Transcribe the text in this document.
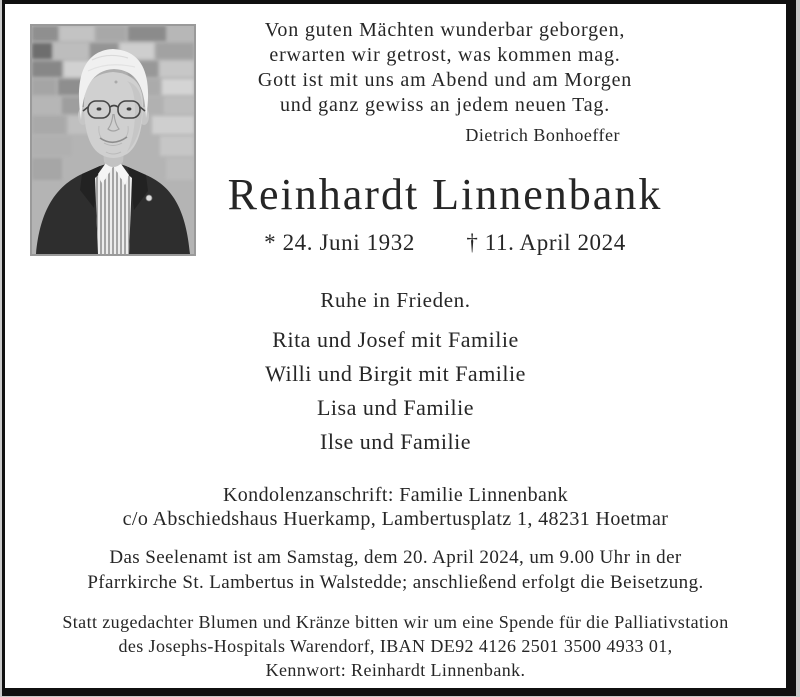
Von guten Mächten wunderbar geborgen,
erwarten wir getrost, was kommen mag.
Gott ist mit uns am Abend und am Morgen
und ganz gewiss an jedem neuen Tag.
Dietrich Bonhoeffer
Reinhardt Linnenbank
* 24. Juni 1932 † 11. April 2024
Ruhe in Frieden.
Rita und Josef mit Familie
Willi und Birgit mit Familie
Lisa und Familie
Ilse und Familie
Kondolenzanschrift: Familie Linnenbank
c/o Abschiedshaus Huerkamp, Lambertusplatz 1, 48231 Hoetmar
Das Seelenamt ist am Samstag, dem 20. April 2024, um 9.00 Uhr in der
Pfarrkirche St. Lambertus in Walstedde; anschließend erfolgt die Beisetzung.
Statt zugedachter Blumen und Kränze bitten wir um eine Spende für die Palliativstation
des Josephs-Hospitals Warendorf, IBAN DE92 4126 2501 3500 4933 01,
Kennwort: Reinhardt Linnenbank.
